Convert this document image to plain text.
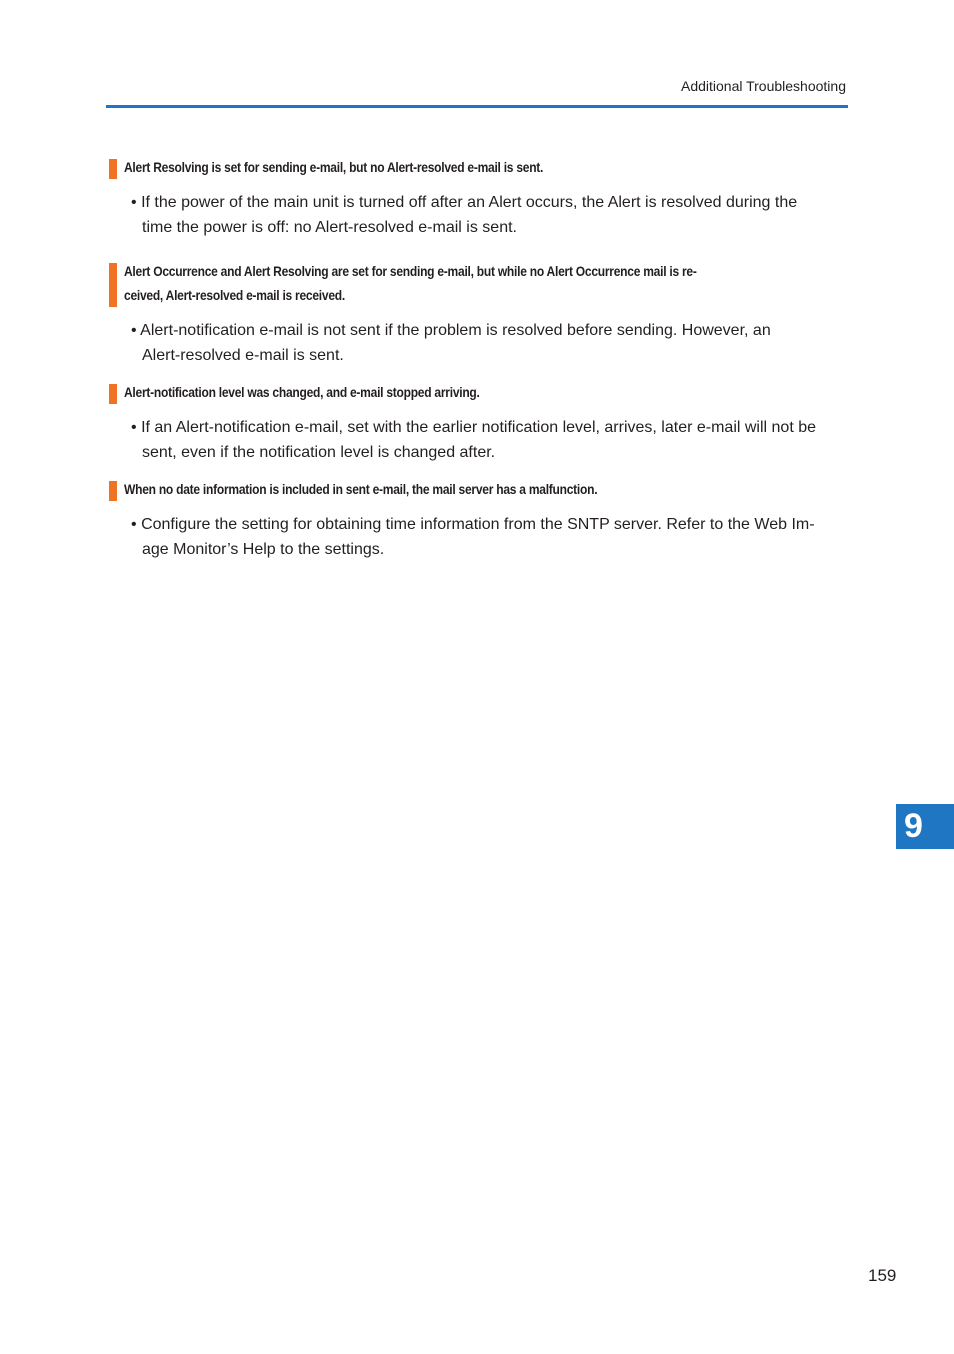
Additional Troubleshooting
Alert Resolving is set for sending e-mail, but no Alert-resolved e-mail is sent.
• If the power of the main unit is turned off after an Alert occurs, the Alert is resolved during the
time the power is off: no Alert-resolved e-mail is sent.
Alert Occurrence and Alert Resolving are set for sending e-mail, but while no Alert Occurrence mail is re-
ceived, Alert-resolved e-mail is received.
• Alert-notification e-mail is not sent if the problem is resolved before sending. However, an
Alert-resolved e-mail is sent.
Alert-notification level was changed, and e-mail stopped arriving.
• If an Alert-notification e-mail, set with the earlier notification level, arrives, later e-mail will not be
sent, even if the notification level is changed after.
When no date information is included in sent e-mail, the mail server has a malfunction.
• Configure the setting for obtaining time information from the SNTP server. Refer to the Web Im-
age Monitor’s Help to the settings.
9
159
